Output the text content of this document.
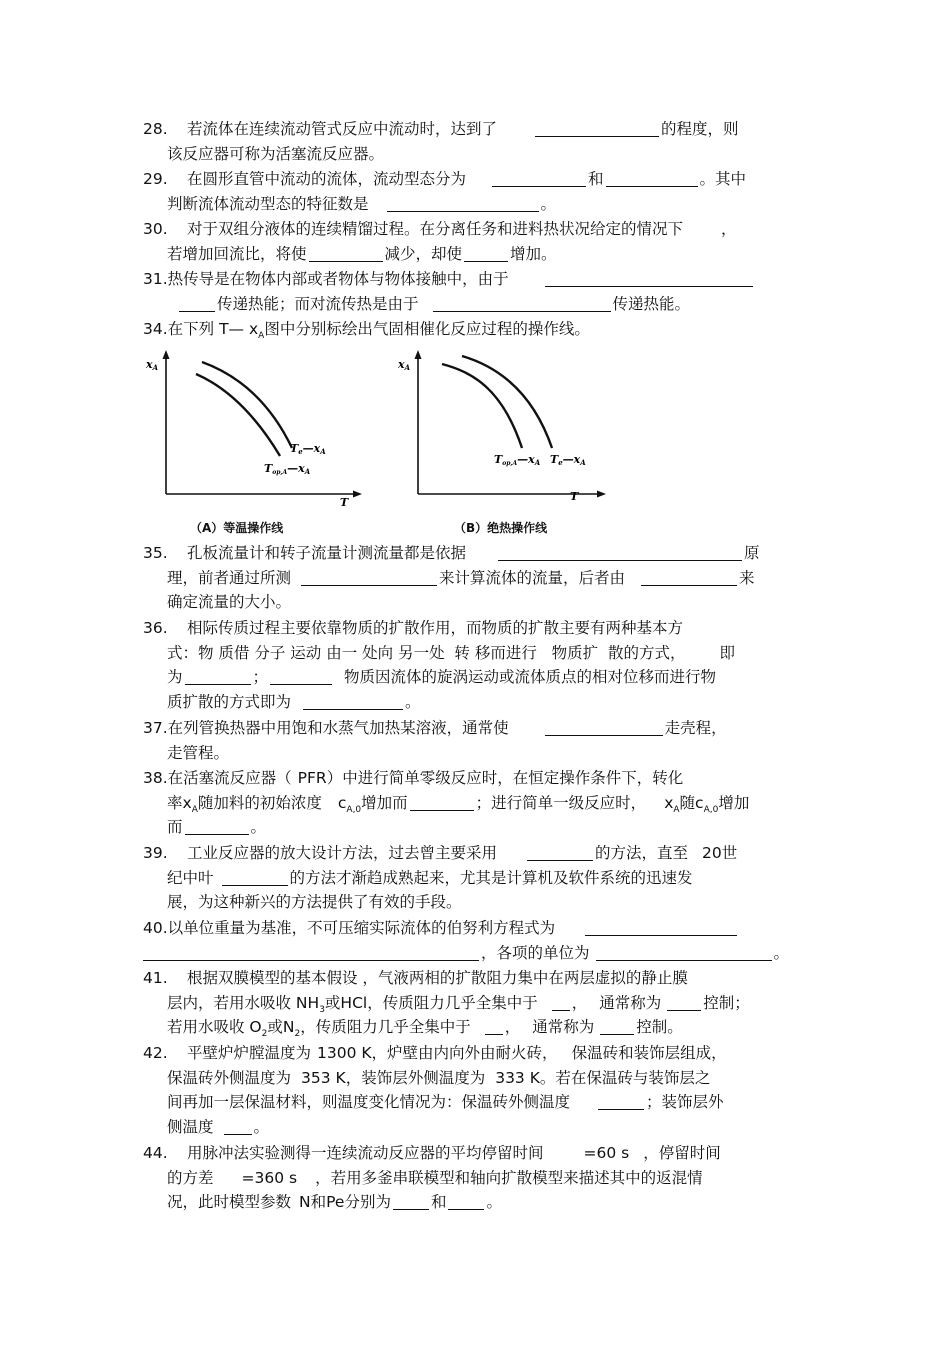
28. 若流体在连续流动管式反应中流动时，达到了	的程度，则
该反应器可称为活塞流反应器。
29. 在圆形直管中流动的流体，流动型态分为	和	。其中
判断流体流动型态的特征数是	。
30. 对于双组分液体的连续精馏过程。在分离任务和进料热状况给定的情况下 ，
若增加回流比，将使	减少，却使	增加。
31.热传导是在物体内部或者物体与物体接触中，由于
传递热能；而对流传热是由于	传递热能。
34.在下列 T— $x_A$图中分别标绘出气固相催化反应过程的操作线。
xA
T
Te—xA
Top,A—xA
（A）等温操作线
xA
T
Top,A—xA Te—xA
（B）绝热操作线
35. 孔板流量计和转子流量计测流量都是依据	原
理，前者通过所测	来计算流体的流量，后者由	来
确定流量的大小。
36. 相际传质过程主要依靠物质的扩散作用，而物质的扩散主要有两种基本方
式：物 质借 分子 运动 由一 处向 另一处  转 移而进行   物质扩  散的方式， 即
为	；	物质因流体的旋涡运动或流体质点的相对位移而进行物
质扩散的方式即为	。
37.在列管换热器中用饱和水蒸气加热某溶液，通常使	走壳程，
走管程。
38.在活塞流反应器（ PFR）中进行简单零级反应时，在恒定操作条件下，转化
率$x_A$随加料的初始浓度 $c_{A,0}$增加而	；进行简单一级反应时， $x_A$随$c_{A,0}$增加
而	。
39. 工业反应器的放大设计方法，过去曾主要采用	的方法，直至 20世
纪中叶	的方法才渐趋成熟起来，尤其是计算机及软件系统的迅速发
展，为这种新兴的方法提供了有效的手段。
40.以单位重量为基准，不可压缩实际流体的伯努利方程式为
，各项的单位为	。
41. 根据双膜模型的基本假设 ，气液两相的扩散阻力集中在两层虚拟的静止膜
层内，若用水吸收 $NH_3$或HCl，传质阻力几乎全集中于 ， 通常称为	控制；
若用水吸收 $O_2$或$N_2$，传质阻力几乎全集中于 ， 通常称为	控制。
42. 平壁炉炉膛温度为 1300 K，炉壁由内向外由耐火砖， 保温砖和装饰层组成，
保温砖外侧温度为 353 K，装饰层外侧温度为 333 K。若在保温砖与装饰层之
间再加一层保温材料，则温度变化情况为：保温砖外侧温度	；装饰层外
侧温度	。
44. 用脉冲法实验测得一连续流动反应器的平均停留时间	=60 s ，停留时间
的方差 =360 s ，若用多釜串联模型和轴向扩散模型来描述其中的返混情
况，此时模型参数 N和Pe分别为	和	。
